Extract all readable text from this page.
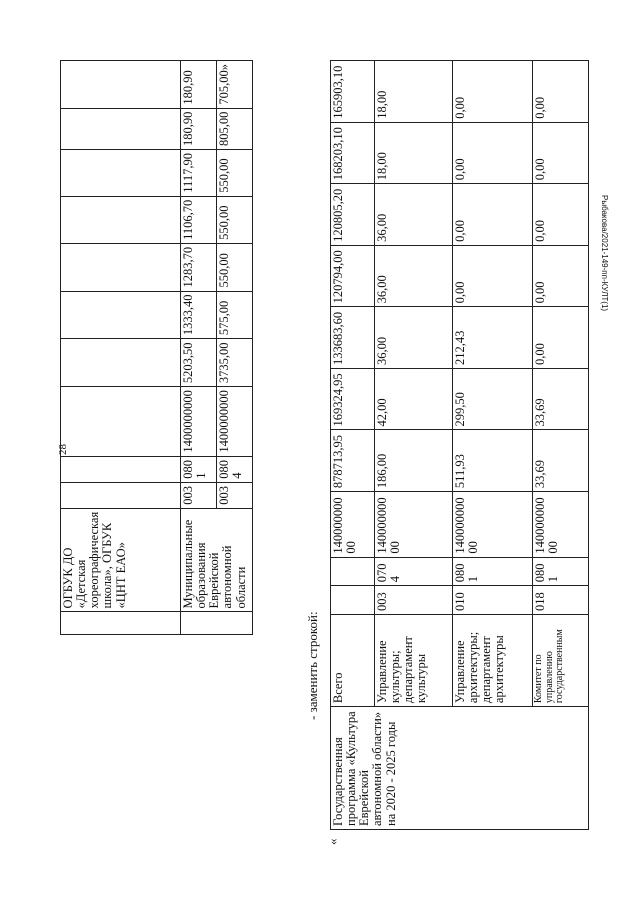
28
Рыбакова/2021-149-пп-КУЛТ(1)
	ОГБУК ДО «Детская хореографическая школа», ОГБУК «ЦНТ ЕАО»										
	Муниципальные образования Еврейской автономной области	003	080 1	1400000000	5203,50	1333,40	1283,70	1106,70	1117,90	180,90	180,90
		003	080 4	1400000000	3735,00	575,00	550,00	550,00	550,00	805,00	705,00»
- заменить строкой:
«
Государственная программа «Культура Еврейской автономной области» на 2020 - 2025 годы	Всего			140000000 00	878713,95	169324,95	133683,60	120794,00	120805,20	168203,10	165903,10
	Управление культуры; департамент культуры	003	070 4	140000000 00	186,00	42,00	36,00	36,00	36,00	18,00	18,00
	Управление архитектуры; департамент архитектуры	010	080 1	140000000 00	511,93	299,50	212,43	0,00	0,00	0,00	0,00
	Комитет по управлению государственным	018	080 1	140000000 00	33,69	33,69	0,00	0,00	0,00	0,00	0,00
